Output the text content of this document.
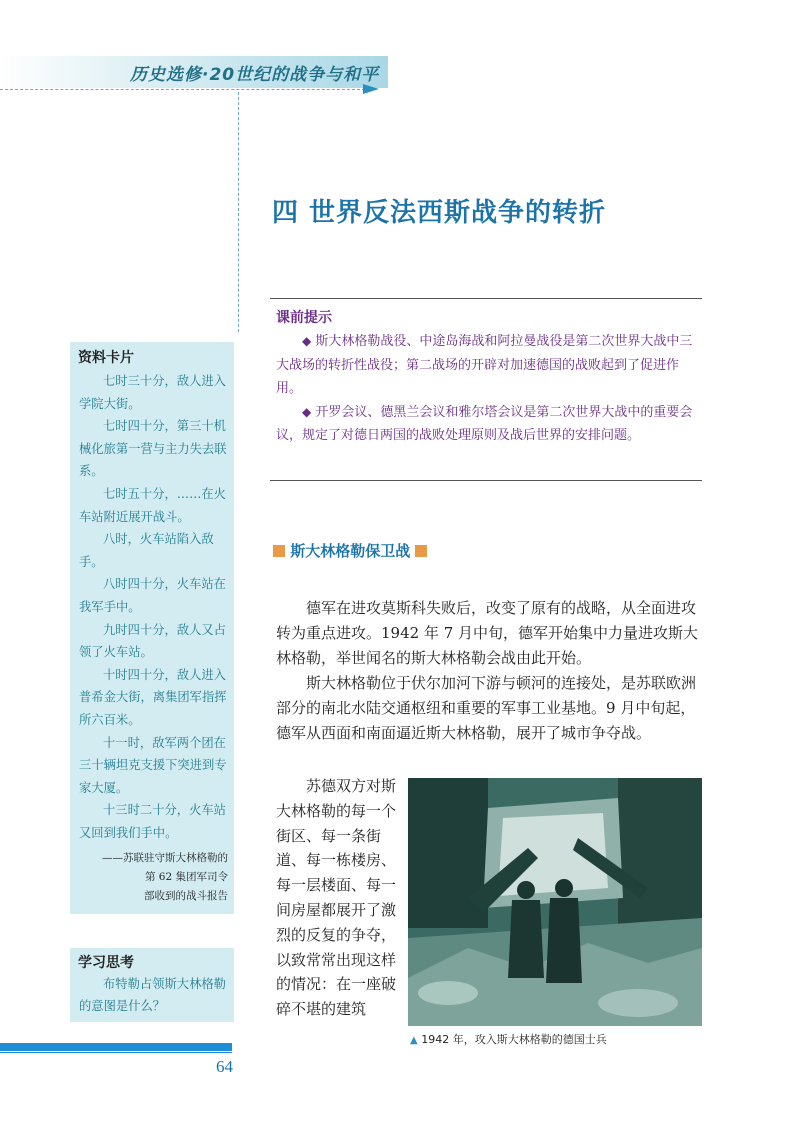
历史选修·20世纪的战争与和平
四 世界反法西斯战争的转折
课前提示
◆ 斯大林格勒战役、中途岛海战和阿拉曼战役是第二次世界大战中三大战场的转折性战役；第二战场的开辟对加速德国的战败起到了促进作用。
◆ 开罗会议、德黑兰会议和雅尔塔会议是第二次世界大战中的重要会议，规定了对德日两国的战败处理原则及战后世界的安排问题。
资料卡片

七时三十分，敌人进入学院大街。

七时四十分，第三十机械化旅第一营与主力失去联系。

七时五十分，……在火车站附近展开战斗。

八时，火车站陷入敌手。

八时四十分，火车站在我军手中。

九时四十分，敌人又占领了火车站。

十时四十分，敌人进入普希金大街，离集团军指挥所六百米。

十一时，敌军两个团在三十辆坦克支援下突进到专家大厦。

十三时二十分，火车站又回到我们手中。

——苏联驻守斯大林格勒的
第 62 集团军司令
部收到的战斗报告
学习思考

布特勒占领斯大林格勒的意图是什么？

斯大林格勒保卫战

德军在进攻莫斯科失败后，改变了原有的战略，从全面进攻转为重点进攻。1942 年 7 月中旬，德军开始集中力量进攻斯大林格勒，举世闻名的斯大林格勒会战由此开始。

斯大林格勒位于伏尔加河下游与顿河的连接处，是苏联欧洲部分的南北水陆交通枢纽和重要的军事工业基地。9 月中旬起，德军从西面和南面逼近斯大林格勒，展开了城市争夺战。

苏德双方对斯大林格勒的每一个街区、每一条街道、每一栋楼房、每一层楼面、每一间房屋都展开了激烈的反复的争夺，以致常常出现这样的情况：在一座破碎不堪的建筑

▲ 1942 年，攻入斯大林格勒的德国士兵
64
